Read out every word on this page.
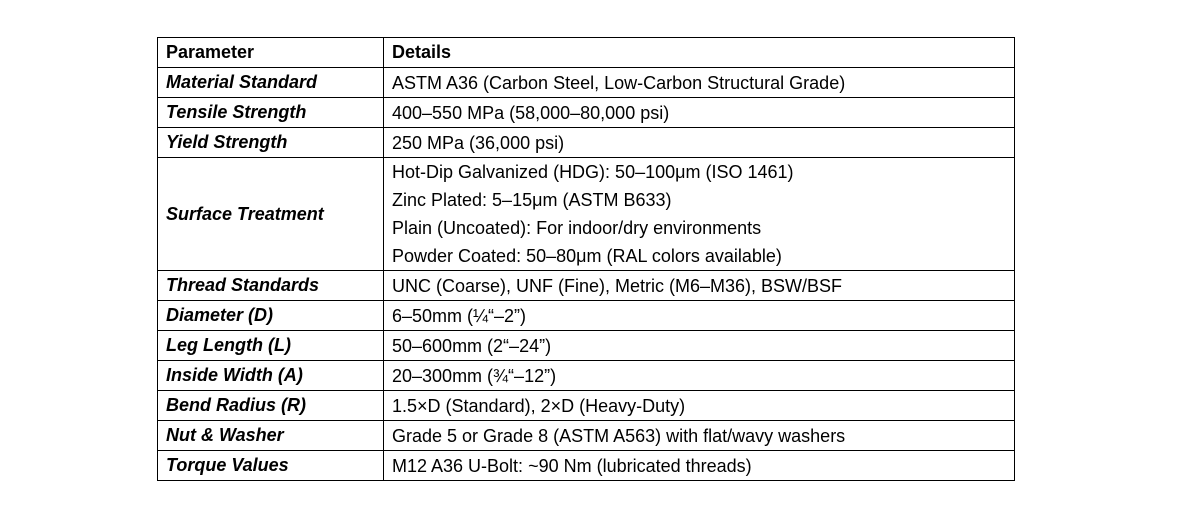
Parameter	Details
Material Standard	ASTM A36 (Carbon Steel, Low-Carbon Structural Grade)

Tensile Strength	400–550 MPa (58,000–80,000 psi)

Yield Strength	250 MPa (36,000 psi)

Surface Treatment	Hot-Dip Galvanized (HDG): 50–100μm (ISO 1461)
Zinc Plated: 5–15μm (ASTM B633)
Plain (Uncoated): For indoor/dry environments
Powder Coated: 50–80μm (RAL colors available)

Thread Standards	UNC (Coarse), UNF (Fine), Metric (M6–M36), BSW/BSF

Diameter (D)	6–50mm (¼“–2”)

Leg Length (L)	50–600mm (2“–24”)

Inside Width (A)	20–300mm (¾“–12”)

Bend Radius (R)	1.5×D (Standard), 2×D (Heavy-Duty)

Nut & Washer	Grade 5 or Grade 8 (ASTM A563) with flat/wavy washers

Torque Values	M12 A36 U-Bolt: ~90 Nm (lubricated threads)
